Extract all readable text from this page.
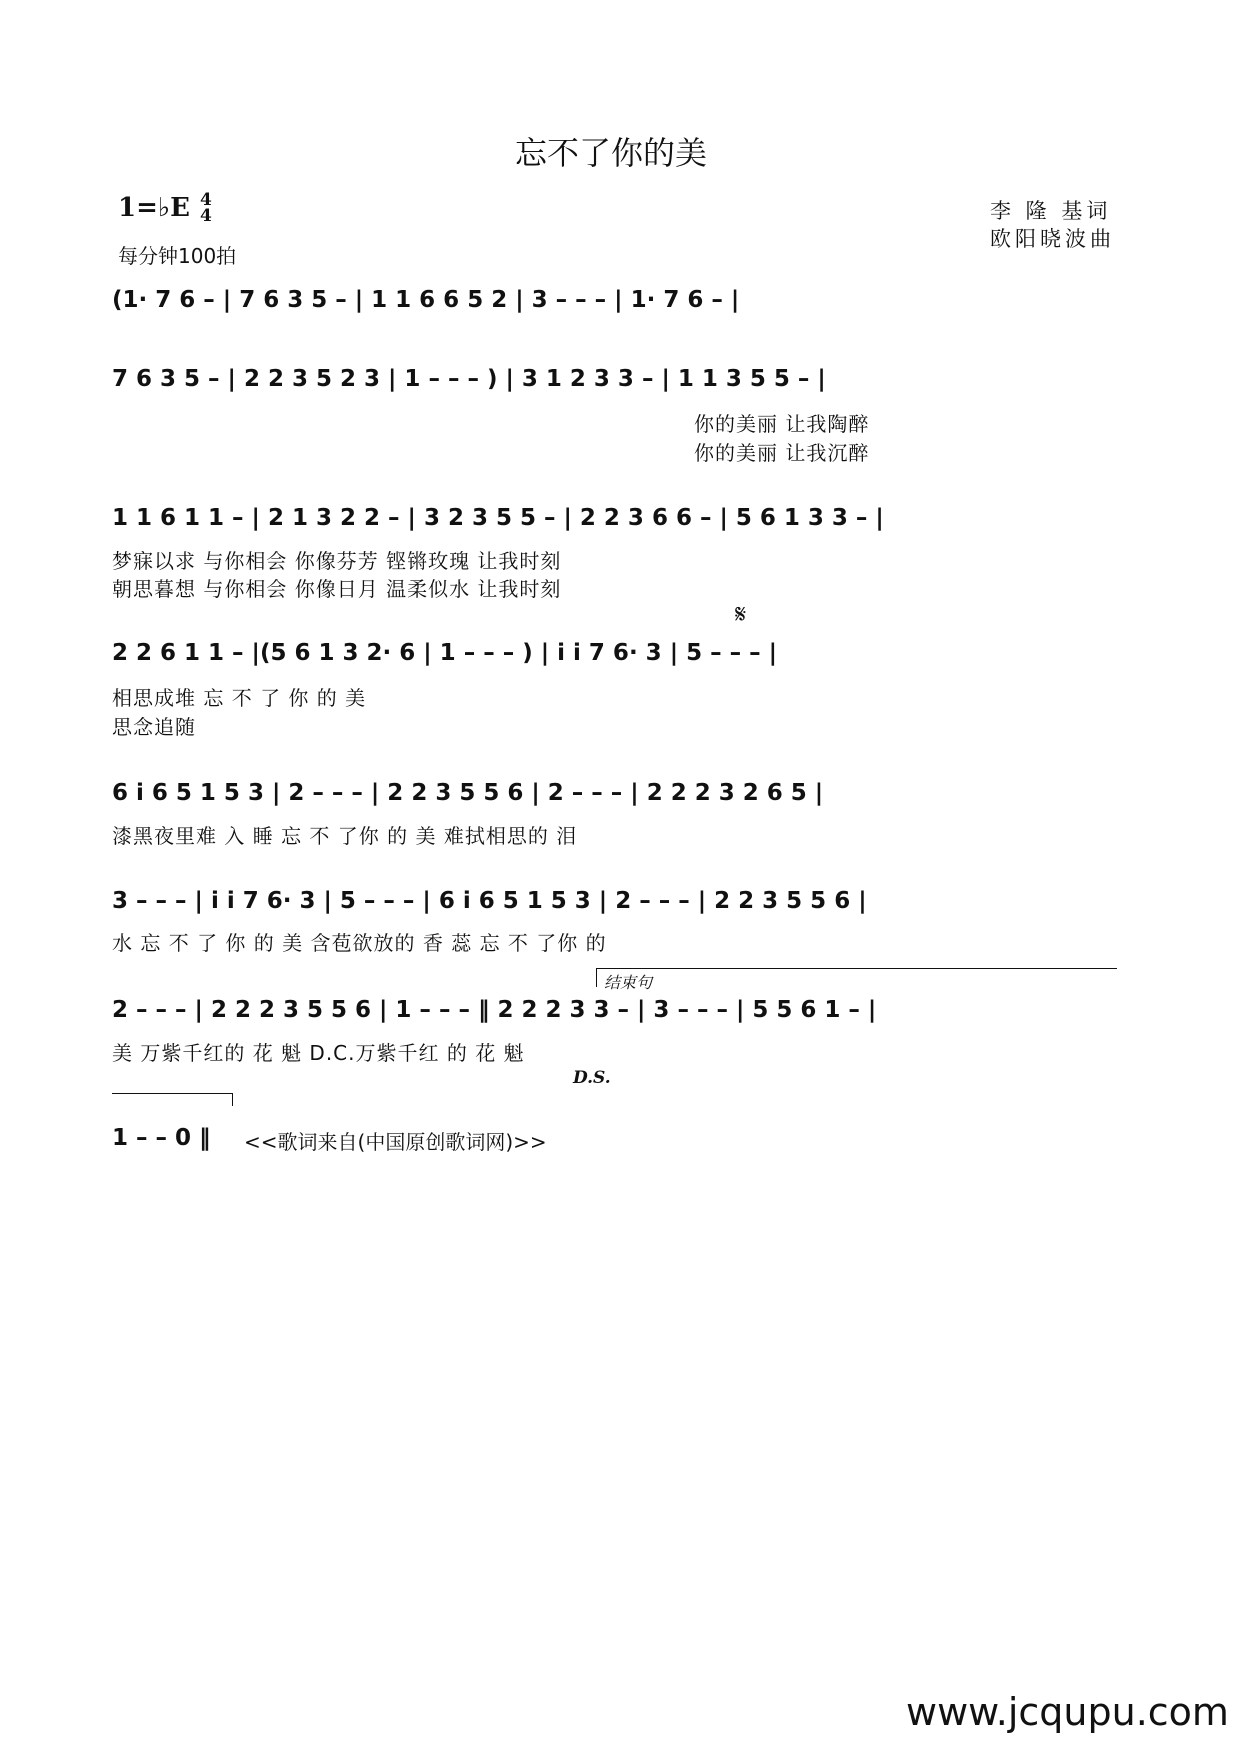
忘不了你的美
1=♭E 4
4
每分钟100拍
李 隆 基词
欧阳晓波曲
(1· 7 6 – | 7 6 3 5 – | 1 1 6 6 5 2 | 3 – – – | 1· 7 6 – |
7 6 3 5 – | 2 2 3 5 2 3 | 1 – – – ) | 3 1 2 3 3 – | 1 1 3 5 5 – |
你的美丽 让我陶醉
你的美丽 让我沉醉
1 1 6 1 1 – | 2 1 3 2 2 – | 3 2 3 5 5 – | 2 2 3 6 6 – | 5 6 1 3 3 – |
梦寐以求 与你相会 你像芬芳 铿锵玫瑰 让我时刻
朝思暮想 与你相会 你像日月 温柔似水 让我时刻
𝄋
2 2 6 1 1 – |(5 6 1 3 2· 6 | 1 – – – ) | i i 7 6· 3 | 5 – – – |
相思成堆 忘 不 了 你 的 美
思念追随
6 i 6 5 1 5 3 | 2 – – – | 2 2 3 5 5 6 | 2 – – – | 2 2 2 3 2 6 5 |
漆黑夜里难 入 睡 忘 不 了你 的 美 难拭相思的 泪
3 – – – | i i 7 6· 3 | 5 – – – | 6 i 6 5 1 5 3 | 2 – – – | 2 2 3 5 5 6 |
水 忘 不 了 你 的 美 含苞欲放的 香 蕊 忘 不 了你 的
结束句
2 – – – | 2 2 2 3 5 5 6 | 1 – – – ‖ 2 2 2 3 3 – | 3 – – – | 5 5 6 1 – |
美 万紫千红的 花 魁 D.C.万紫千红 的 花 魁
D.S.
1 – – 0 ‖ <<歌词来自(中国原创歌词网)>>
www.jcqupu.com
